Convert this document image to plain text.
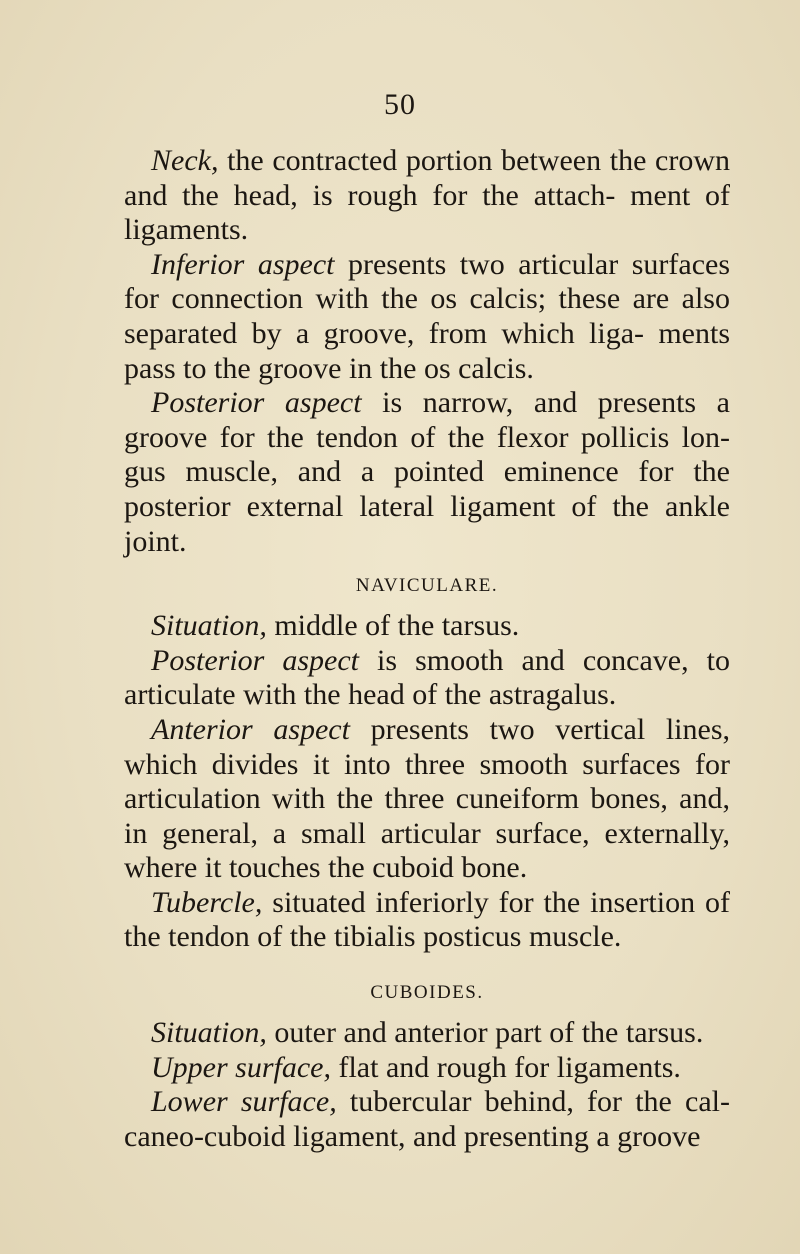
50

Neck, the contracted portion between the crown and the head, is rough for the attach- ment of ligaments.

Inferior aspect presents two articular surfaces for connection with the os calcis; these are also separated by a groove, from which liga- ments pass to the groove in the os calcis.

Posterior aspect is narrow, and presents a groove for the tendon of the flexor pollicis lon- gus muscle, and a pointed eminence for the posterior external lateral ligament of the ankle joint.

NAVICULARE.

Situation, middle of the tarsus.

Posterior aspect is smooth and concave, to articulate with the head of the astragalus.

Anterior aspect presents two vertical lines, which divides it into three smooth surfaces for articulation with the three cuneiform bones, and, in general, a small articular surface, externally, where it touches the cuboid bone.

Tubercle, situated inferiorly for the insertion of the tendon of the tibialis posticus muscle.

CUBOIDES.

Situation, outer and anterior part of the tarsus.

Upper surface, flat and rough for ligaments.

Lower surface, tubercular behind, for the cal- caneo-cuboid ligament, and presenting a groove
